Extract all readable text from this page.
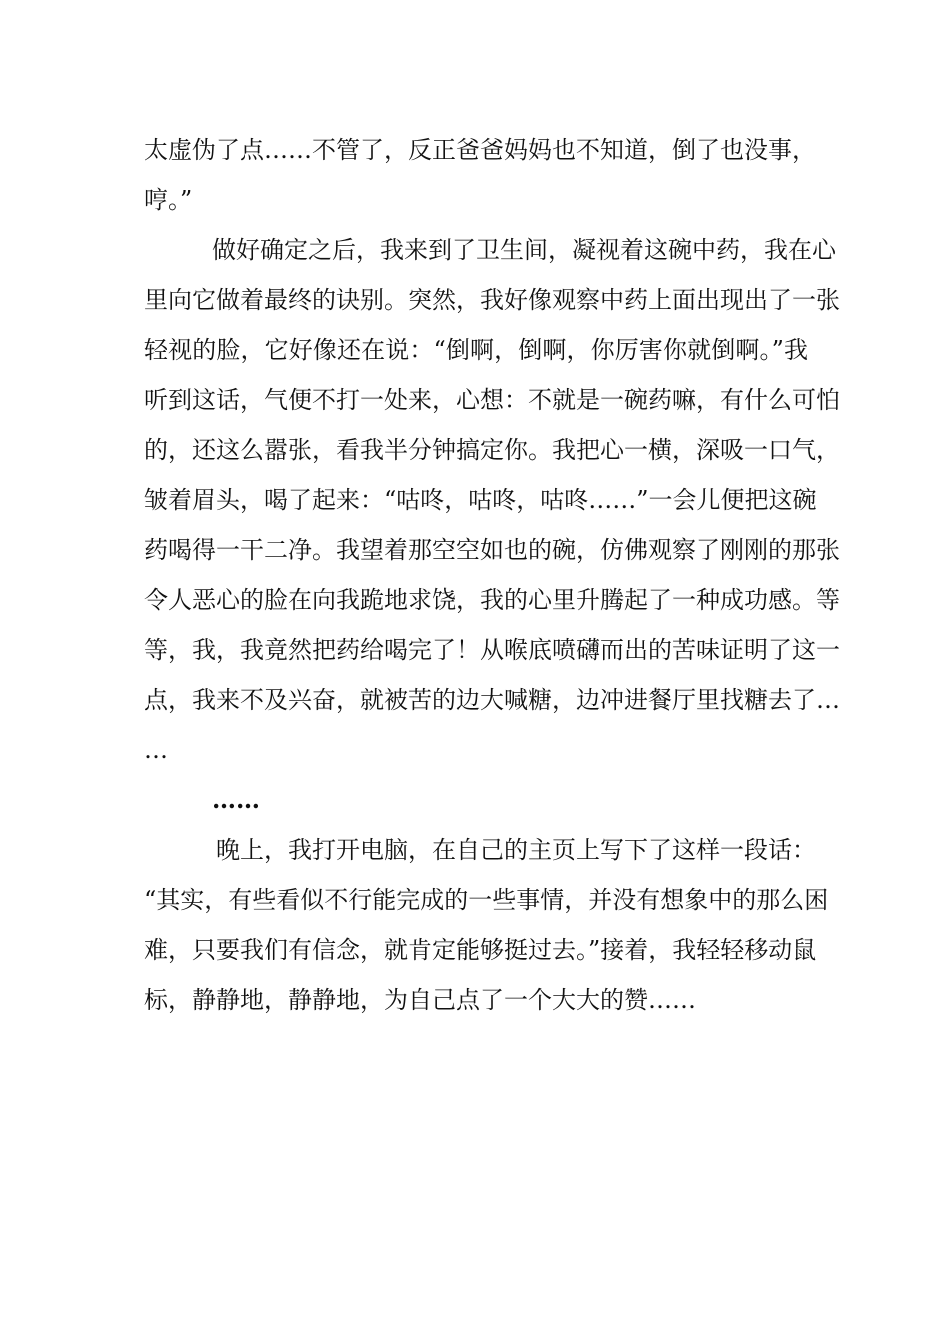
太虚伪了点……不管了，反正爸爸妈妈也不知道，倒了也没事，
哼。”
做好确定之后，我来到了卫生间，凝视着这碗中药，我在心
里向它做着最终的诀别。突然，我好像观察中药上面出现出了一张
轻视的脸，它好像还在说：“倒啊，倒啊，你厉害你就倒啊。”我
听到这话，气便不打一处来，心想：不就是一碗药嘛，有什么可怕
的，还这么嚣张，看我半分钟搞定你。我把心一横，深吸一口气，
皱着眉头，喝了起来：“咕咚，咕咚，咕咚……”一会儿便把这碗
药喝得一干二净。我望着那空空如也的碗，仿佛观察了刚刚的那张
令人恶心的脸在向我跪地求饶，我的心里升腾起了一种成功感。等
等，我，我竟然把药给喝完了！从喉底喷礴而出的苦味证明了这一
点，我来不及兴奋，就被苦的边大喊糖，边冲进餐厅里找糖去了…
…
……
晚上，我打开电脑，在自己的主页上写下了这样一段话：
“其实，有些看似不行能完成的一些事情，并没有想象中的那么困
难，只要我们有信念，就肯定能够挺过去。”接着，我轻轻移动鼠
标，静静地，静静地，为自己点了一个大大的赞……
